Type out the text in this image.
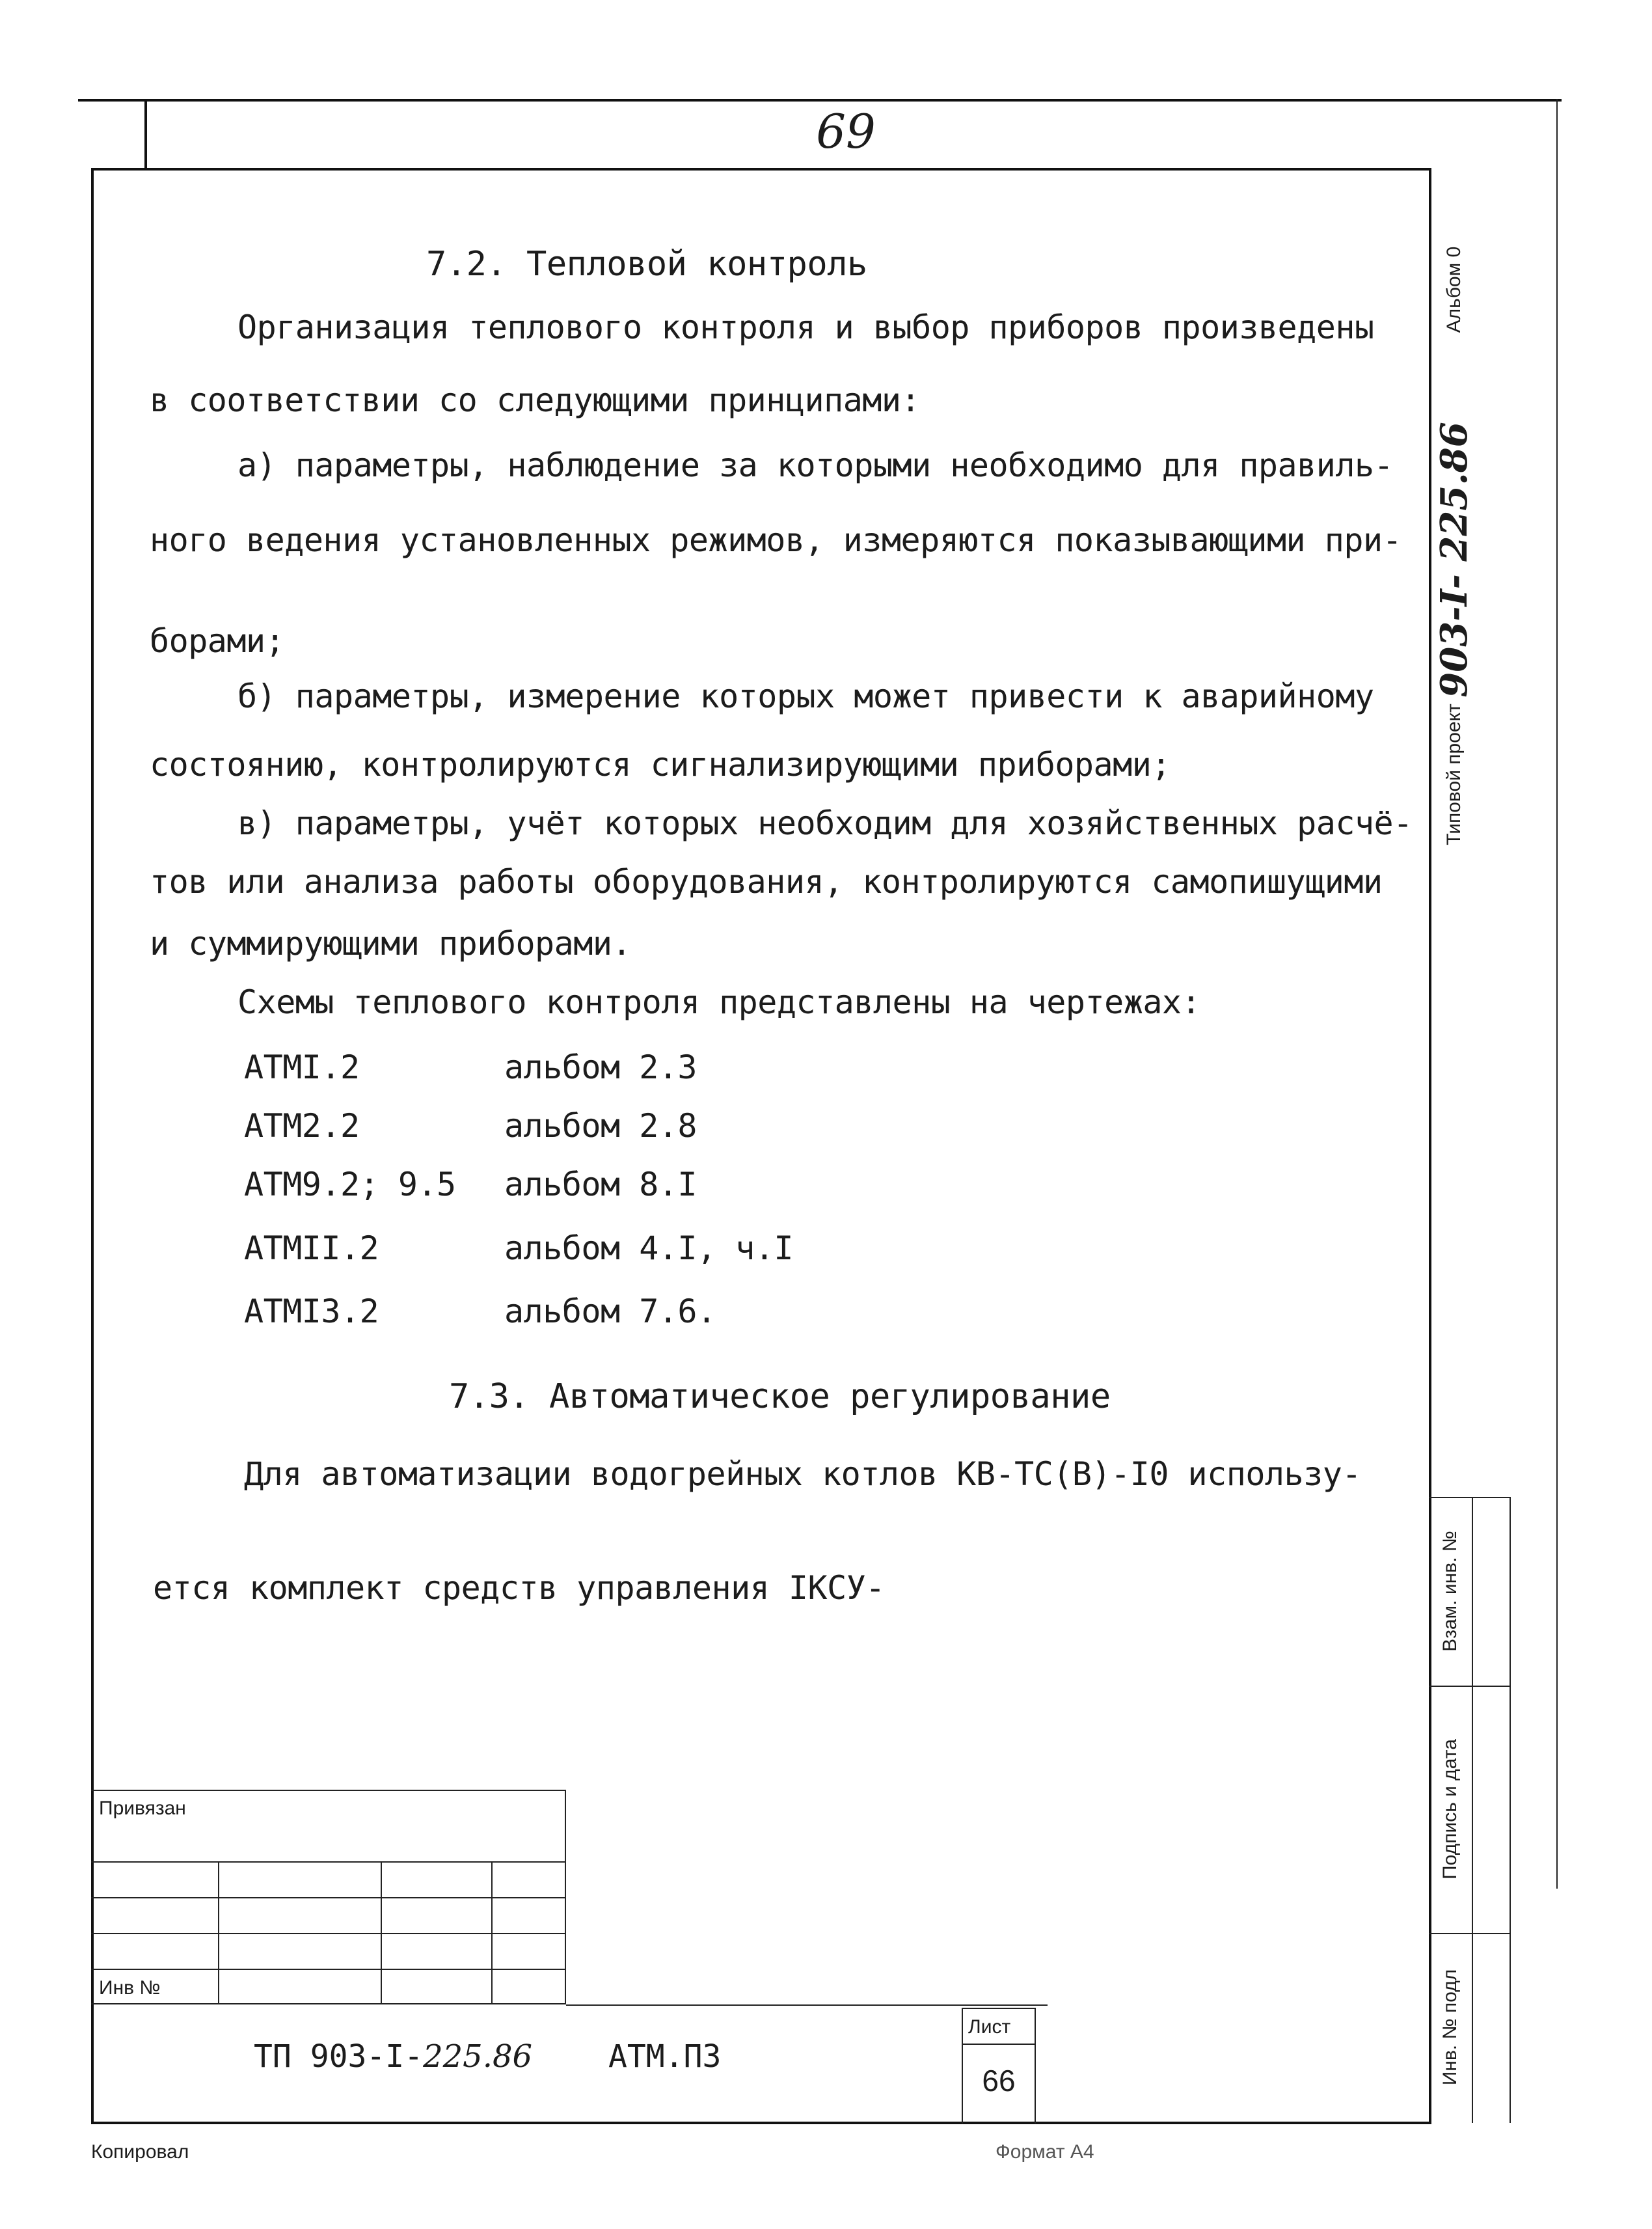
69
7.2. Тепловой контроль
Организация теплового контроля и выбор приборов произведены
в соответствии со следующими принципами:
а) параметры, наблюдение за которыми необходимо для правиль-
ного ведения установленных режимов, измеряются показывающими при-
борами;
б) параметры, измерение которых может привести к аварийному
состоянию, контролируются сигнализирующими приборами;
в) параметры, учёт которых необходим для хозяйственных расчё-
тов или анализа работы оборудования, контролируются самопишущими
и суммирующими приборами.
Схемы теплового контроля представлены на чертежах:
АТМI.2	альбом 2.3
АТМ2.2	альбом 2.8
АТМ9.2; 9.5 альбом 8.I
АТМII.2	альбом 4.I, ч.I
АТМI3.2	альбом 7.6.
7.3. Автоматическое регулирование
Для автоматизации водогрейных котлов КВ-ТС(В)-I0 использу-
ется комплект средств управления IКСУ-
Альбом 0
Типовой проект
903-I- 225.86
Взам. инв. №
Подпись и дата
Инв. № подл
Привязан
Инв №
ТП 903-I-225.86 АТМ.ПЗ
Лист
66
Копировал	Формат А4
